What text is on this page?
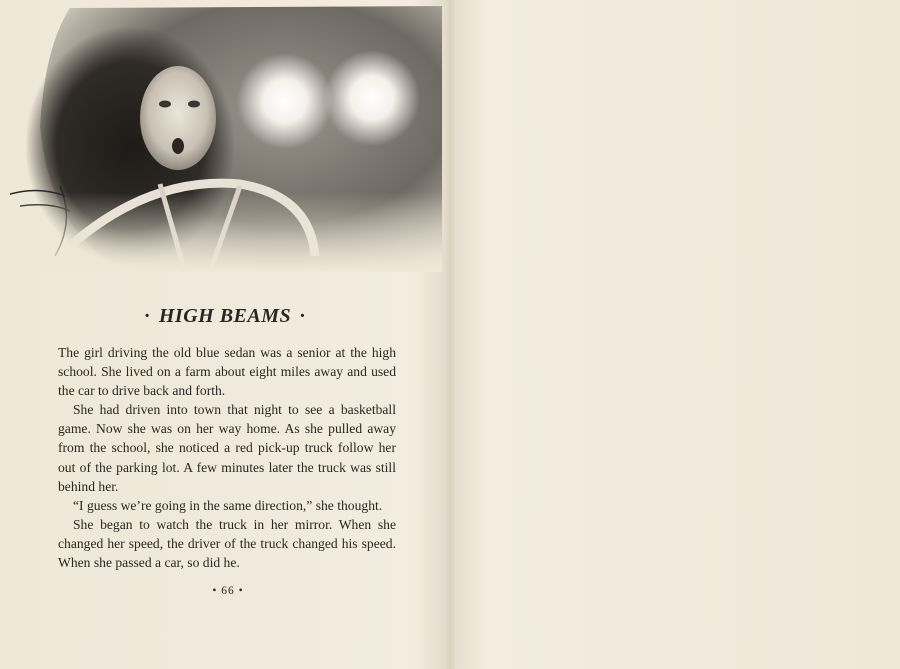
· HIGH BEAMS ·

The girl driving the old blue sedan was a senior at the high school. She lived on a farm about eight miles away and used the car to drive back and forth.

She had driven into town that night to see a basketball game. Now she was on her way home. As she pulled away from the school, she noticed a red pick-up truck follow her out of the parking lot. A few minutes later the truck was still behind her.

“I guess we’re going in the same direction,” she thought.

She began to watch the truck in her mirror. When she changed her speed, the driver of the truck changed his speed. When she passed a car, so did he.

• 66 •
